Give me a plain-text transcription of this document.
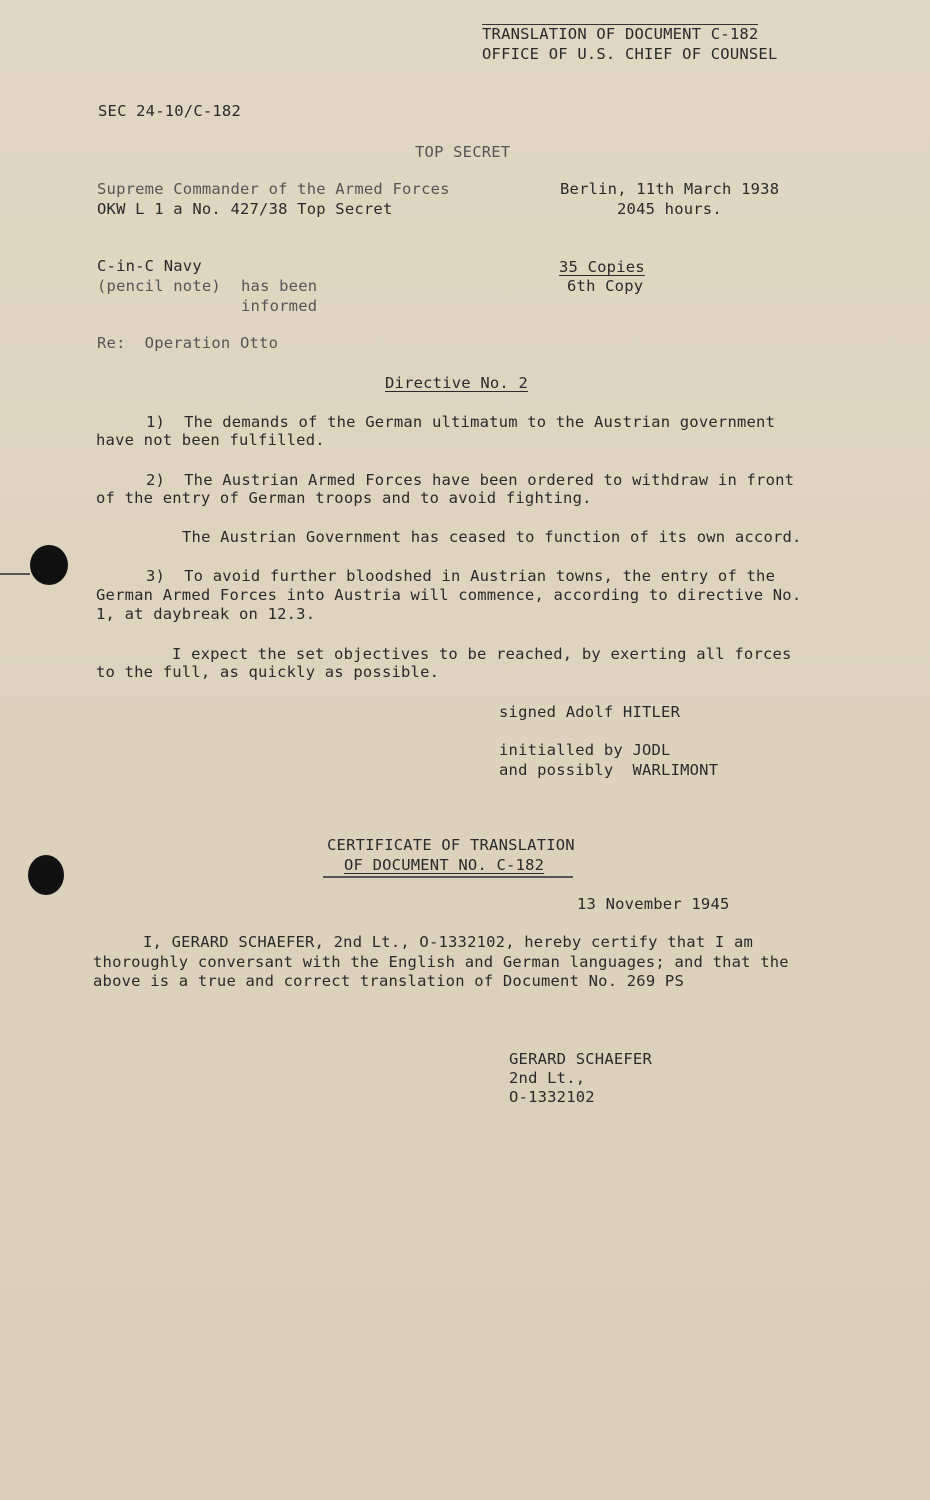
TRANSLATION OF DOCUMENT C-182
OFFICE OF U.S. CHIEF OF COUNSEL
SEC 24-10/C-182
TOP SECRET
Supreme Commander of the Armed Forces
OKW L 1 a No. 427/38 Top Secret
Berlin, 11th March 1938
2045 hours.
C-in-C Navy
(pencil note) has been
informed
35 Copies
6th Copy
Re:  Operation Otto
Directive No. 2
1)  The demands of the German ultimatum to the Austrian government
have not been fulfilled.
2)  The Austrian Armed Forces have been ordered to withdraw in front
of the entry of German troops and to avoid fighting.
The Austrian Government has ceased to function of its own accord.
3)  To avoid further bloodshed in Austrian towns, the entry of the
German Armed Forces into Austria will commence, according to directive No.
1, at daybreak on 12.3.
I expect the set objectives to be reached, by exerting all forces
to the full, as quickly as possible.
signed Adolf HITLER
initialled by JODL
and possibly  WARLIMONT
CERTIFICATE OF TRANSLATION
OF DOCUMENT NO. C-182
13 November 1945
I, GERARD SCHAEFER, 2nd Lt., O-1332102, hereby certify that I am
thoroughly conversant with the English and German languages; and that the
above is a true and correct translation of Document No. 269 PS
GERARD SCHAEFER
2nd Lt.,
O-1332102
